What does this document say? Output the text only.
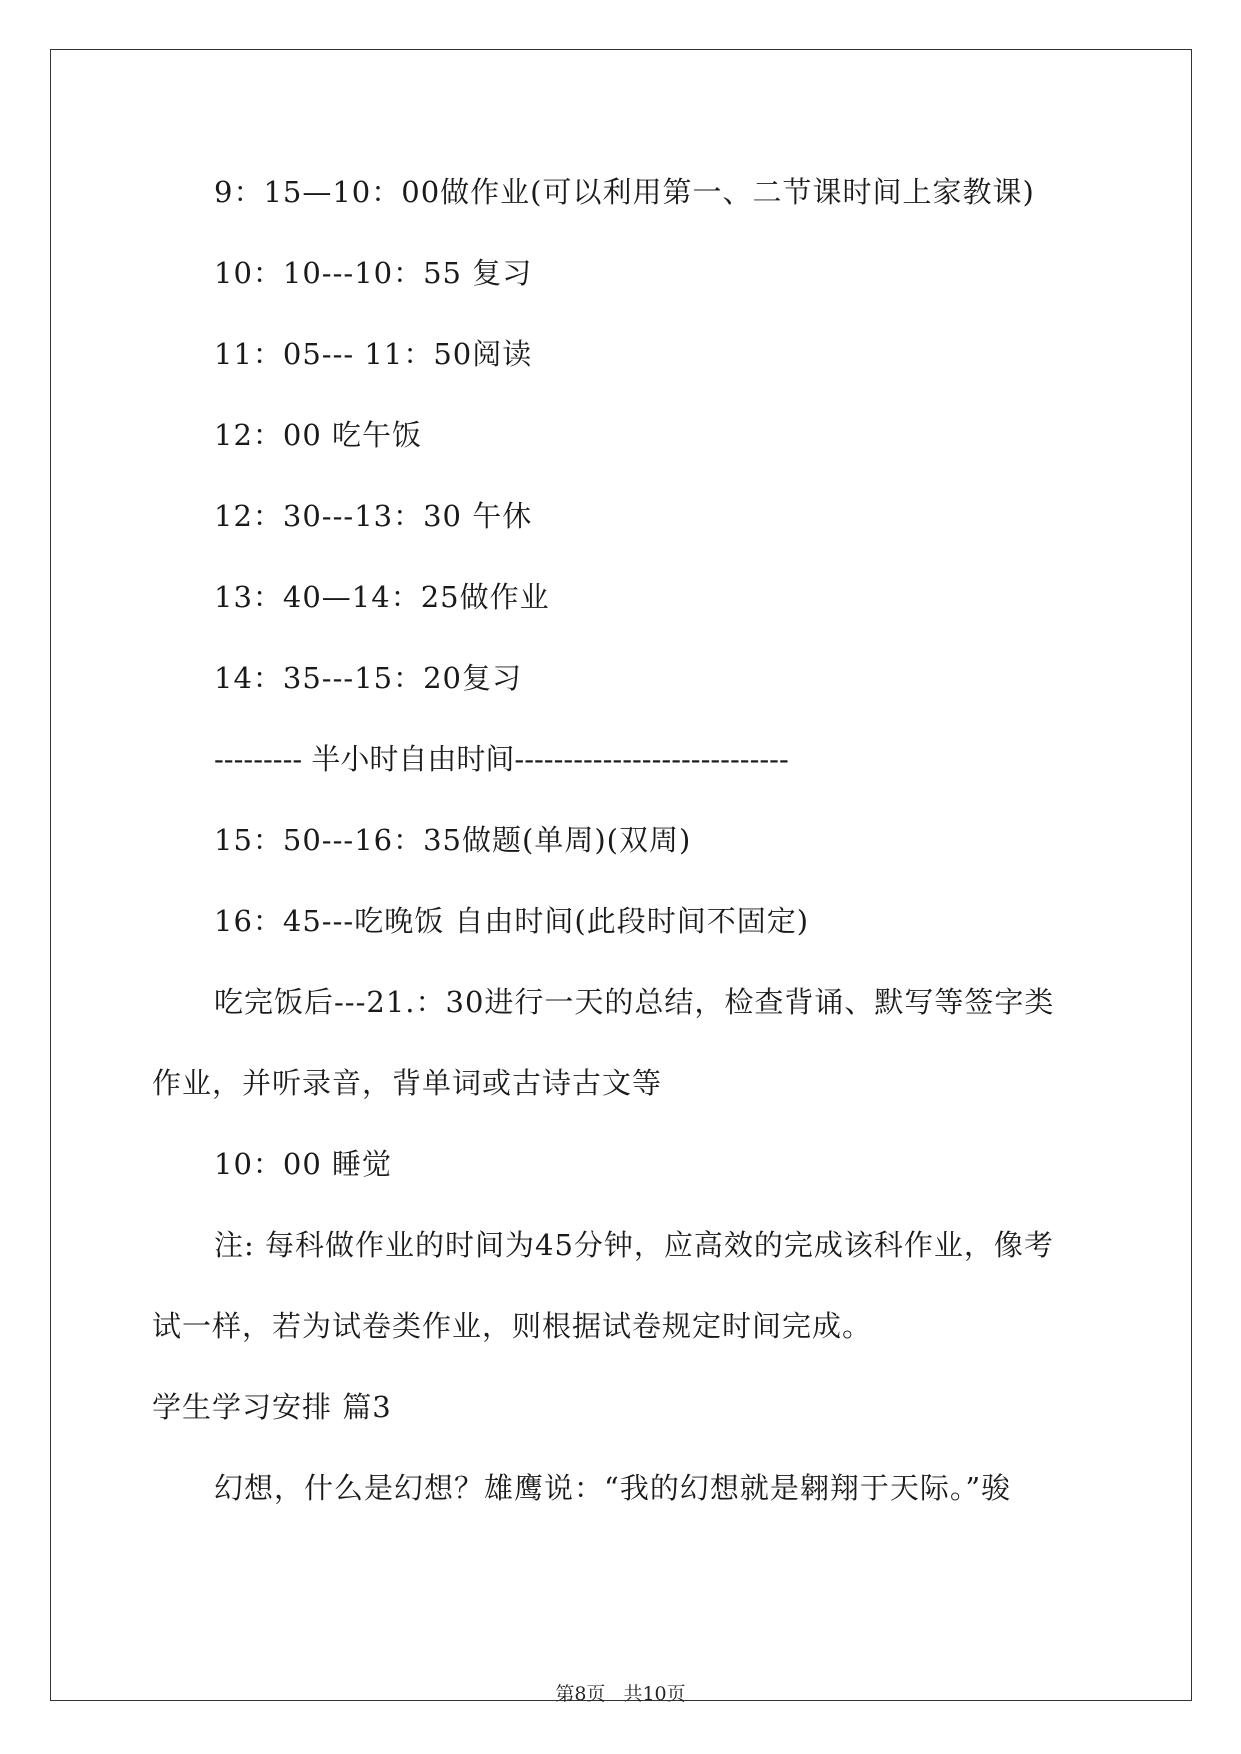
9：15—10：00做作业(可以利用第一、二节课时间上家教课)
10：10---10：55 复习
11：05--- 11：50阅读
12：00 吃午饭
12：30---13：30 午休
13：40—14：25做作业
14：35---15：20复习
--------- 半小时自由时间----------------------------
15：50---16：35做题(单周)(双周)
16：45---吃晚饭 自由时间(此段时间不固定)
吃完饭后---21.：30进行一天的总结，检查背诵、默写等签字类
作业，并听录音，背单词或古诗古文等
10：00 睡觉
注: 每科做作业的时间为45分钟，应高效的完成该科作业，像考
试一样，若为试卷类作业，则根据试卷规定时间完成。
学生学习安排 篇3
幻想，什么是幻想？雄鹰说：“我的幻想就是翱翔于天际。”骏
第8页 共10页
